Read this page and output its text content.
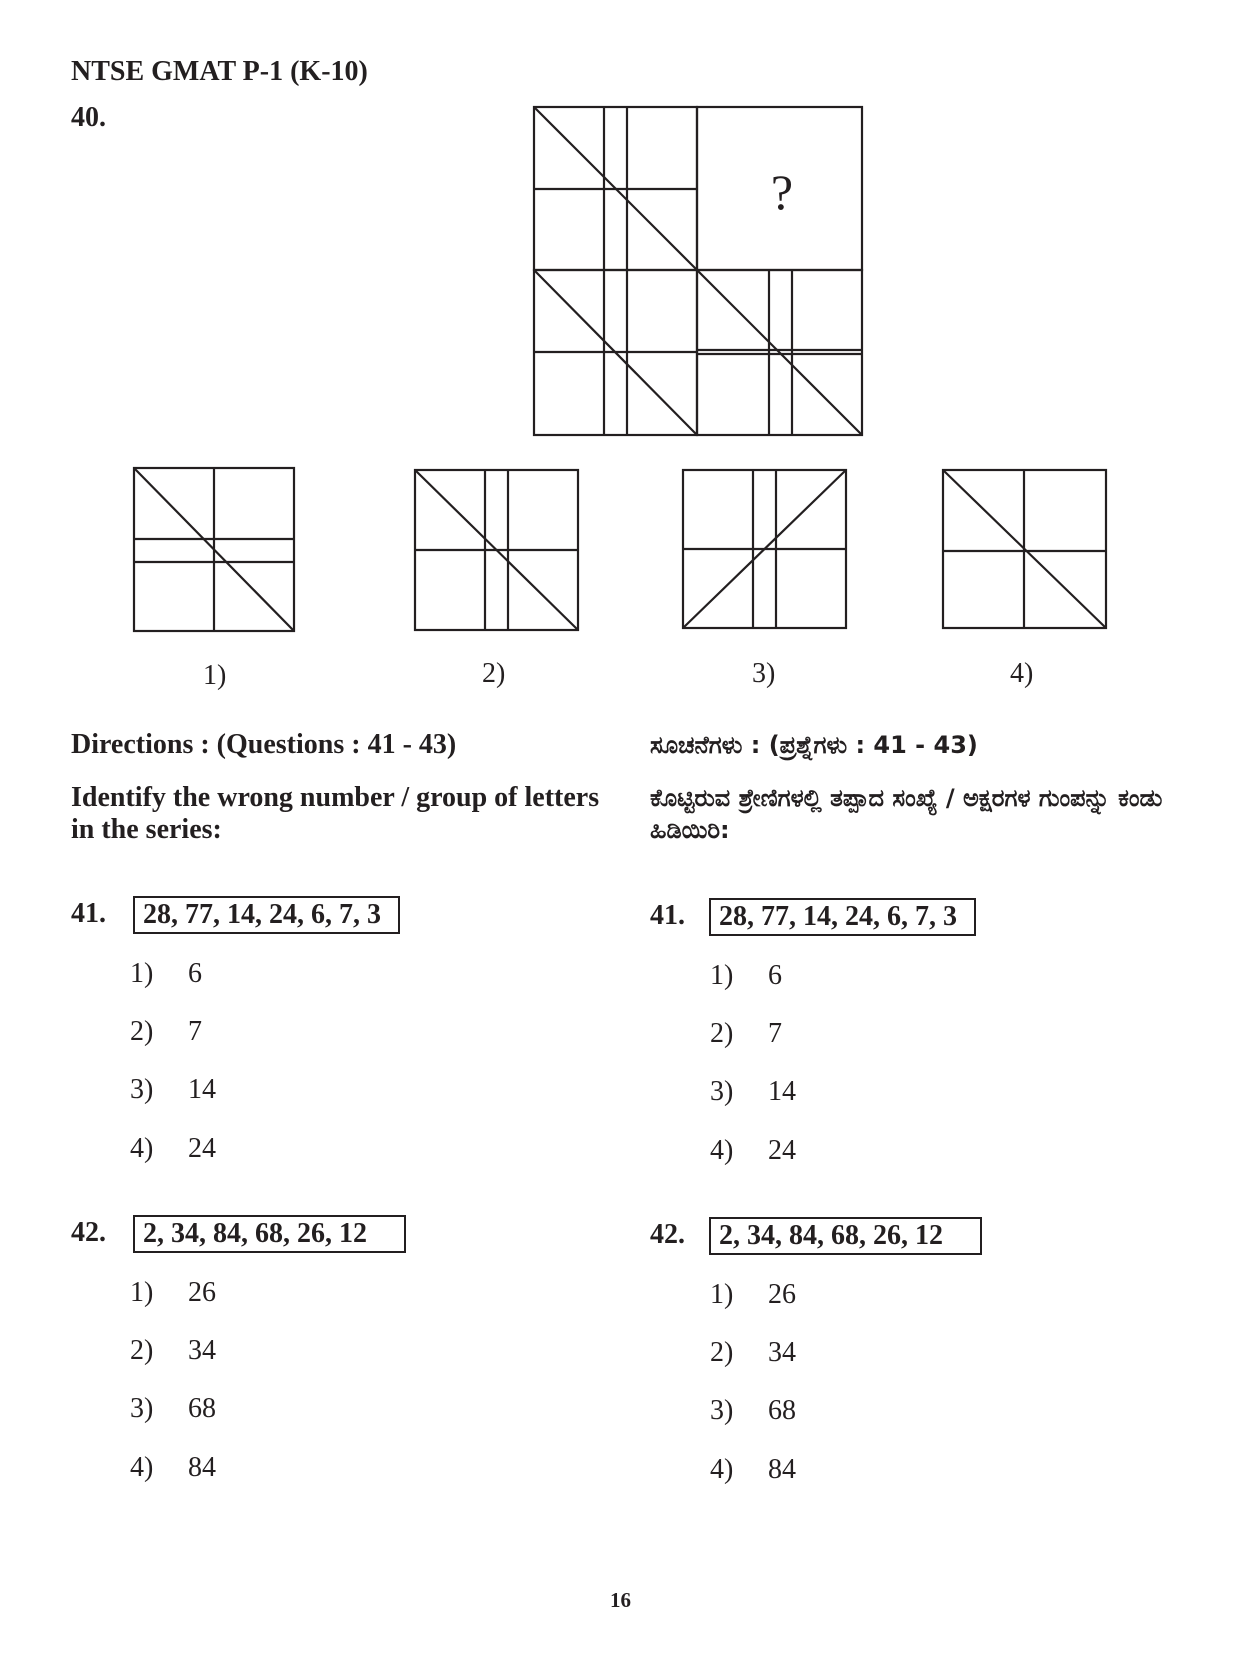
NTSE GMAT P-1 (K-10)
40.
?
1)	2)	3)	4)
Directions : (Questions : 41 - 43)
Identify the wrong number / group of letters in the series:
ಸೂಚನೆಗಳು : (ಪ್ರಶ್ನೆಗಳು : 41 - 43)
ಕೊಟ್ಟಿರುವ ಶ್ರೇಣಿಗಳಲ್ಲಿ ತಪ್ಪಾದ ಸಂಖ್ಯೆ / ಅಕ್ಷರಗಳ ಗುಂಪನ್ನು ಕಂಡು ಹಿಡಿಯಿರಿ:
41.	28, 77, 14, 24, 6, 7, 3
1) 6
2) 7
3) 14
4) 24
41.	28, 77, 14, 24, 6, 7, 3
1) 6
2) 7
3) 14
4) 24
42.	2, 34, 84, 68, 26, 12
1) 26
2) 34
3) 68
4) 84
42.	2, 34, 84, 68, 26, 12
1) 26
2) 34
3) 68
4) 84
16
